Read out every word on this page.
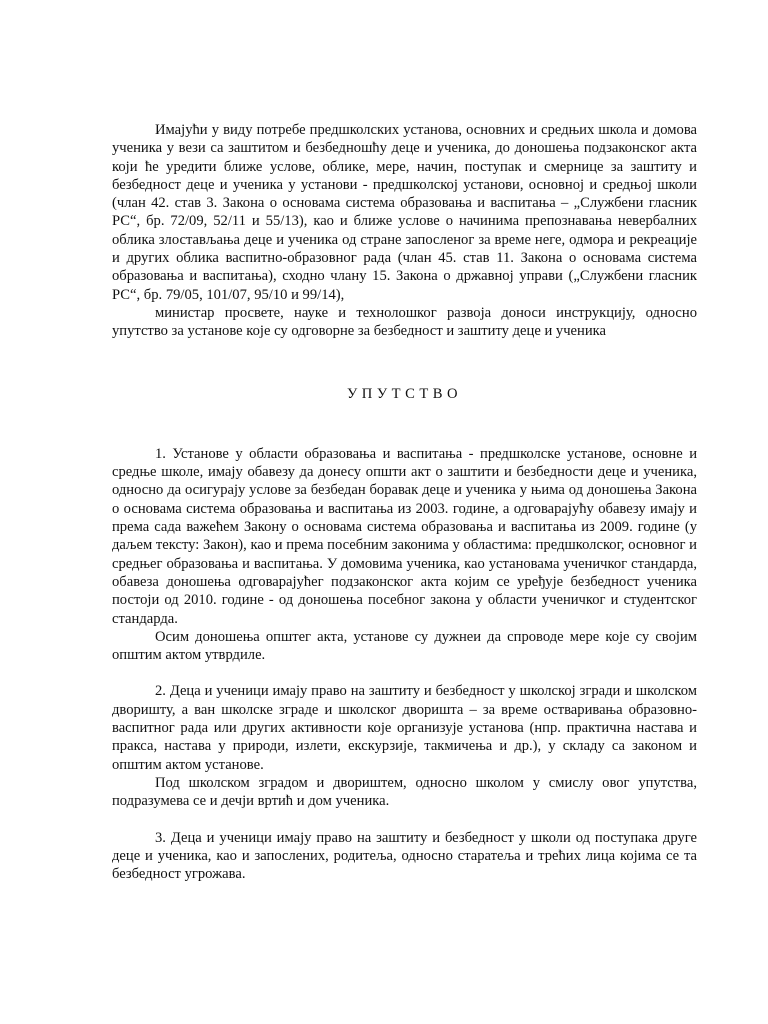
Имајући у виду потребе предшколских установа, основних и средњих школа и домова ученика у вези са заштитом и безбедношћу деце и ученика, до доношења подзаконског акта који ће уредити ближе услове, облике, мере, начин, поступак и смернице за заштиту и безбедност деце и ученика у установи - предшколској установи, основној и средњој школи (члан 42. став 3. Закона о основама система образовања и васпитања – „Службени гласник РС“, бр. 72/09, 52/11 и 55/13), као и ближе услове о начинима препознавања невербалних облика злостављања деце и ученика од стране запосленог за време неге, одмора и рекреације и других облика васпитно-образовног рада (члан 45. став 11. Закона о основама система образовања и васпитања), сходно члану 15. Закона о државној управи („Службени гласник РС“, бр. 79/05, 101/07, 95/10 и 99/14),

министар просвете, науке и технолошког развоја доноси инструкцију, односно упутство за установе које су одговорне за безбедност и заштиту деце и ученика

УПУТСТВО

1. Установе у области образовања и васпитања - предшколске установе, основне и средње школе, имају обавезу да донесу општи акт о заштити и безбедности деце и ученика, односно да осигурају услове за безбедан боравак деце и ученика у њима од доношења Закона о основама система образовања и васпитања из 2003. године, а одговарајућу обавезу имају и према сада важећем Закону о основама система образовања и васпитања из 2009. године (у даљем тексту: Закон), као и према посебним законима у областима: предшколског, основног и средњег образовања и васпитања. У домовима ученика, као установама ученичког стандарда, обавеза доношења одговарајућег подзаконског акта којим се уређује безбедност ученика постоји од 2010. године - од доношења посебног закона у области ученичког и студентског стандарда.

Осим доношења општег акта, установе су дужнеи да спроводе мере које су својим општим актом утврдиле.

2. Деца и ученици имају право на заштиту и безбедност у школској згради и школском дворишту, а ван школске зграде и школског дворишта – за време остваривања образовно-васпитног рада или других активности које организује установа (нпр. практична настава и пракса, настава у природи, излети, екскурзије, такмичења и др.), у складу са законом и општим актом установе.

Под школском зградом и двориштем, односно школом у смислу овог упутства, подразумева се и дечји вртић и дом ученика.

3. Деца и ученици имају право на заштиту и безбедност у школи од поступака друге деце и ученика, као и запослених, родитеља, односно старатеља и трећих лица којима се та безбедност угрожава.
